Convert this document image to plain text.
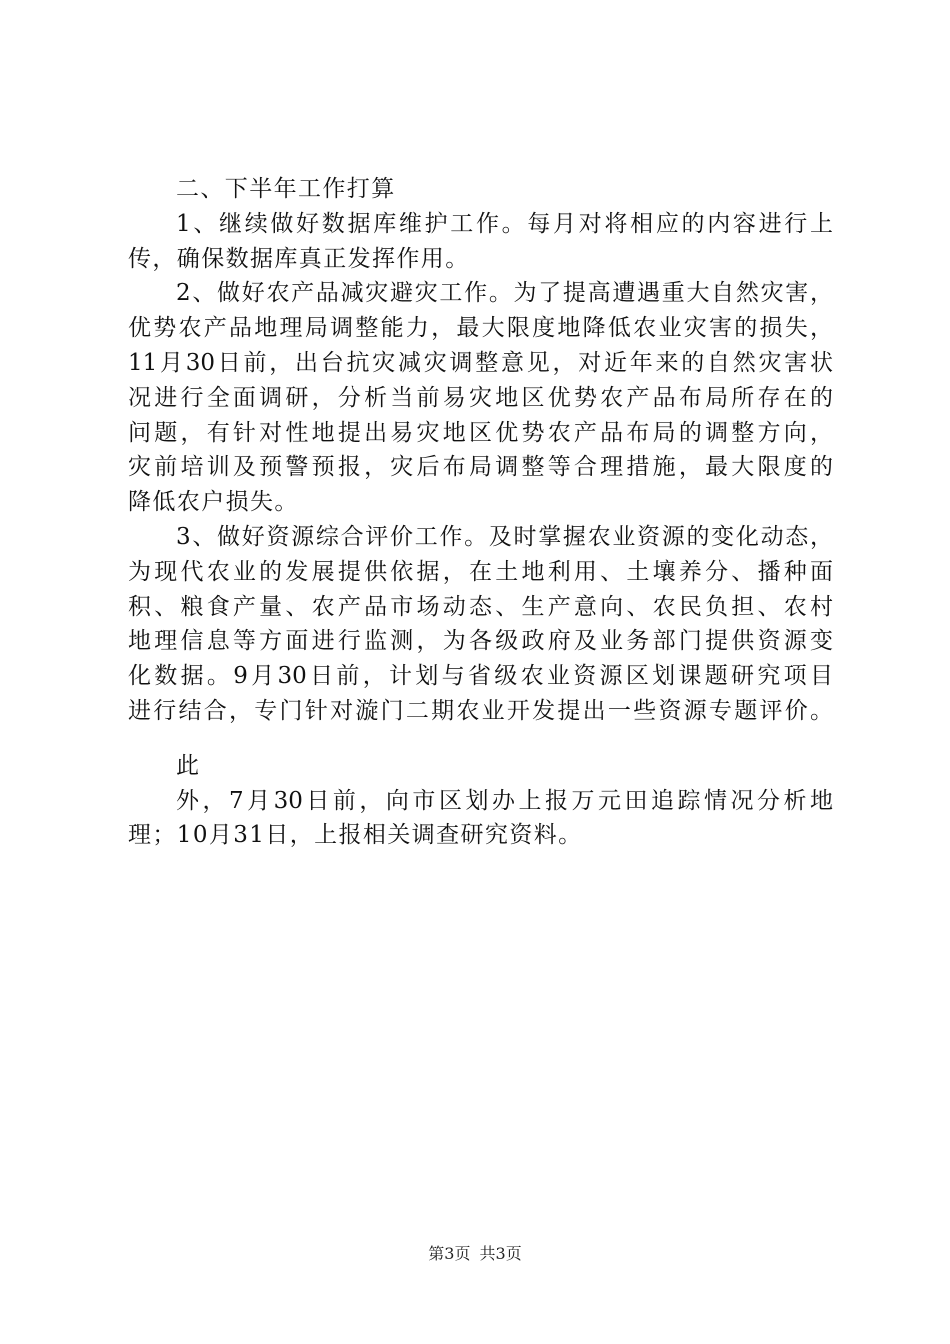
二、下半年工作打算
1、继续做好数据库维护工作。每月对将相应的内容进行上
传，确保数据库真正发挥作用。
2、做好农产品减灾避灾工作。为了提高遭遇重大自然灾害，
优势农产品地理局调整能力，最大限度地降低农业灾害的损失，
11月30日前，出台抗灾减灾调整意见，对近年来的自然灾害状
况进行全面调研，分析当前易灾地区优势农产品布局所存在的
问题，有针对性地提出易灾地区优势农产品布局的调整方向，
灾前培训及预警预报，灾后布局调整等合理措施，最大限度的
降低农户损失。
3、做好资源综合评价工作。及时掌握农业资源的变化动态，
为现代农业的发展提供依据，在土地利用、土壤养分、播种面
积、粮食产量、农产品市场动态、生产意向、农民负担、农村
地理信息等方面进行监测，为各级政府及业务部门提供资源变
化数据。9月30日前，计划与省级农业资源区划课题研究项目
进行结合，专门针对漩门二期农业开发提出一些资源专题评价。
此
外，7月30日前，向市区划办上报万元田追踪情况分析地
理；10月31日，上报相关调查研究资料。
第3页 共3页
